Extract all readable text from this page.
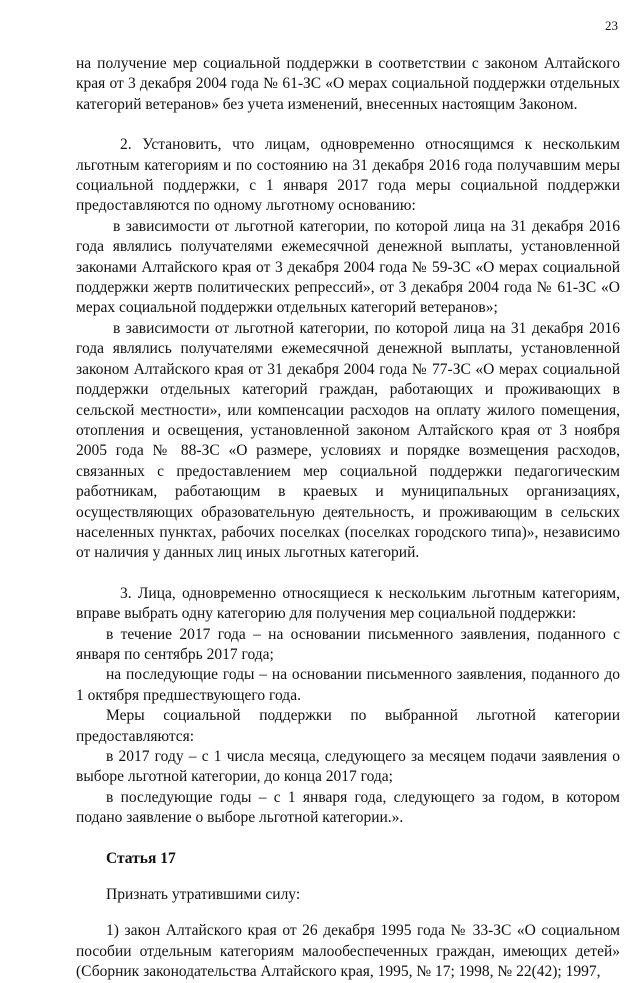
23

на получение мер социальной поддержки в соответствии с законом Алтайского края от 3 декабря 2004 года № 61-ЗС «О мерах социальной поддержки отдельных категорий ветеранов» без учета изменений, внесенных настоящим Законом.

2. Установить, что лицам, одновременно относящимся к нескольким льготным категориям и по состоянию на 31 декабря 2016 года получавшим меры социальной поддержки, с 1 января 2017 года меры социальной поддержки предоставляются по одному льготному основанию:

в зависимости от льготной категории, по которой лица на 31 декабря 2016 года являлись получателями ежемесячной денежной выплаты, установленной законами Алтайского края от 3 декабря 2004 года № 59-ЗС «О мерах социальной поддержки жертв политических репрессий», от 3 декабря 2004 года № 61-ЗС «О мерах социальной поддержки отдельных категорий ветеранов»;

в зависимости от льготной категории, по которой лица на 31 декабря 2016 года являлись получателями ежемесячной денежной выплаты, установленной законом Алтайского края от 31 декабря 2004 года № 77-ЗС «О мерах социальной поддержки отдельных категорий граждан, работающих и проживающих в сельской местности», или компенсации расходов на оплату жилого помещения, отопления и освещения, установленной законом Алтайского края от 3 ноября 2005 года № 88-ЗС «О размере, условиях и порядке возмещения расходов, связанных с предоставлением мер социальной поддержки педагогическим работникам, работающим в краевых и муниципальных организациях, осуществляющих образовательную деятельность, и проживающим в сельских населенных пунктах, рабочих поселках (поселках городского типа)», независимо от наличия у данных лиц иных льготных категорий.

3. Лица, одновременно относящиеся к нескольким льготным категориям, вправе выбрать одну категорию для получения мер социальной поддержки:

в течение 2017 года – на основании письменного заявления, поданного с января по сентябрь 2017 года;

на последующие годы – на основании письменного заявления, поданного до 1 октября предшествующего года.

Меры социальной поддержки по выбранной льготной категории предоставляются:

в 2017 году – с 1 числа месяца, следующего за месяцем подачи заявления о выборе льготной категории, до конца 2017 года;

в последующие годы – с 1 января года, следующего за годом, в котором подано заявление о выборе льготной категории.».

Статья 17

Признать утратившими силу:

1) закон Алтайского края от 26 декабря 1995 года № 33-ЗС «О социальном пособии отдельным категориям малообеспеченных граждан, имеющих детей» (Сборник законодательства Алтайского края, 1995, № 17; 1998, № 22(42); 1997,
